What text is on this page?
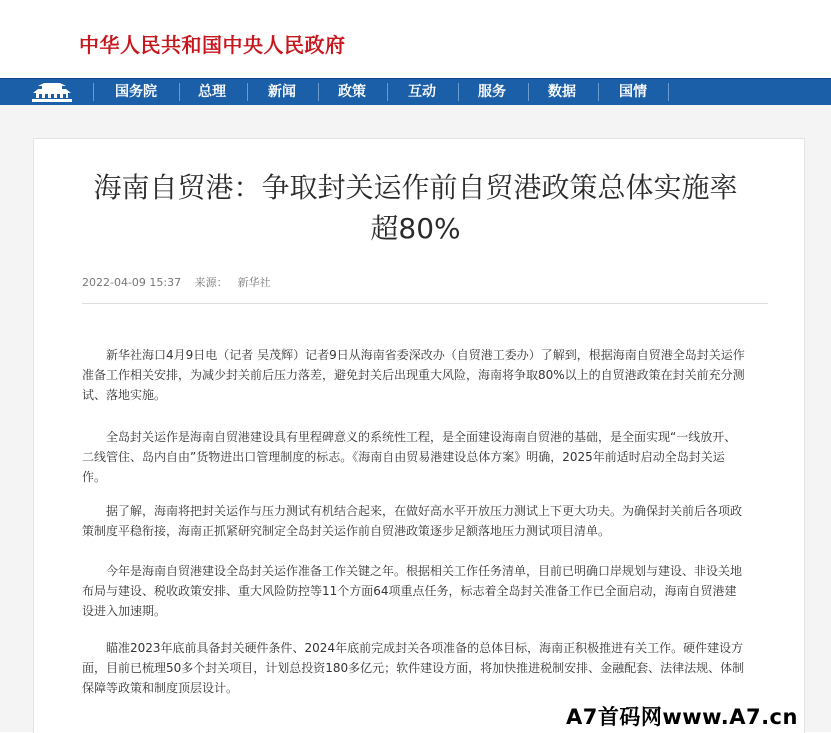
中华人民共和国中央人民政府
国务院	总理	新闻	政策	互动	服务	数据	国情
海南自贸港：争取封关运作前自贸港政策总体实施率
超80%
2022-04-09 15:37 来源： 新华社

新华社海口4月9日电（记者 吴茂辉）记者9日从海南省委深改办（自贸港工委办）了解到，根据海南自贸港全岛封关运作准备工作相关安排，为减少封关前后压力落差，避免封关后出现重大风险，海南将争取80%以上的自贸港政策在封关前充分测试、落地实施。

全岛封关运作是海南自贸港建设具有里程碑意义的系统性工程，是全面建设海南自贸港的基础，是全面实现“一线放开、二线管住、岛内自由”货物进出口管理制度的标志。《海南自由贸易港建设总体方案》明确，2025年前适时启动全岛封关运作。

据了解，海南将把封关运作与压力测试有机结合起来，在做好高水平开放压力测试上下更大功夫。为确保封关前后各项政策制度平稳衔接，海南正抓紧研究制定全岛封关运作前自贸港政策逐步足额落地压力测试项目清单。

今年是海南自贸港建设全岛封关运作准备工作关键之年。根据相关工作任务清单，目前已明确口岸规划与建设、非设关地布局与建设、税收政策安排、重大风险防控等11个方面64项重点任务，标志着全岛封关准备工作已全面启动，海南自贸港建设进入加速期。

瞄准2023年底前具备封关硬件条件、2024年底前完成封关各项准备的总体目标，海南正积极推进有关工作。硬件建设方面，目前已梳理50多个封关项目，计划总投资180多亿元；软件建设方面，将加快推进税制安排、金融配套、法律法规、体制保障等政策和制度顶层设计。

A7首码网www.A7.cn
